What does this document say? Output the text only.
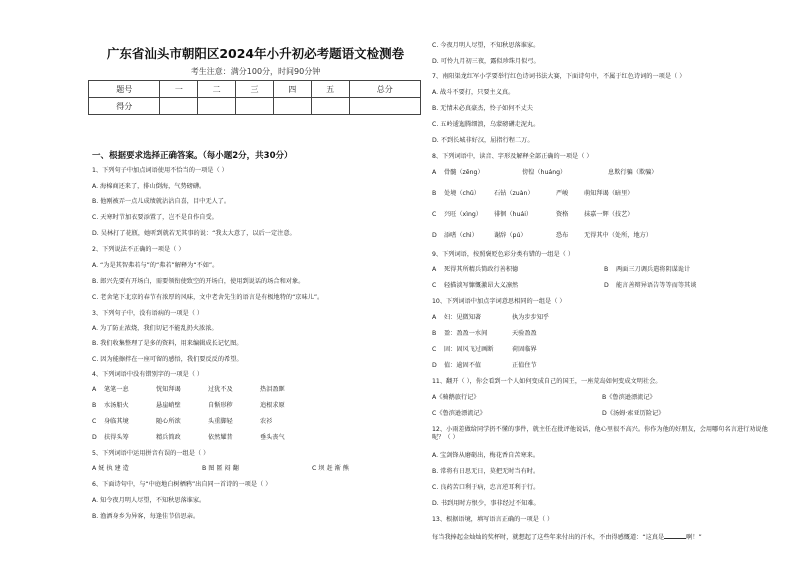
广东省汕头市朝阳区2024年小升初必考题语文检测卷
考生注意：满分100分，时间90分钟
题号	一	二	三	四	五	总分
得分						
一、根据要求选择正确答案。（每小题2分，共30分）
1、下列句子中加点词语使用不恰当的一项是（ ）
A. 海棉商还来了，排山倒海，气势磅礴。
B. 他刚被弄一点儿成绩就沾沾自喜，目中无人了。
C. 天寒时节加衣要添置了，岂不是自作自受。
D. 吴林打了花瓶，她听到就若无其事的说：“我太大意了，以后一定注意。
2、下列说法不正确的一项是（ ）
A. “为是其智弗若与”的“弗若”解释为“不如”。
B. 郎兴先要有开场白，需要领衔使致空的开场白，使用到说话的场合和对象。
C. 老舍笔下北京的春节有浓厚的风味，文中老舍先生的语言是有极地特的“京味儿”。
3、下列句子中，没有语病的一项是（ ）
A. 为了防止浓烧，我们切记不能乱扔火浓浓。
B. 我们收集整理了是多的资料，用来编辑成长记忆图。
C. 因为能擦拌在一座可留的感悟，我们要反反的希望。
4、下列词语中没有错别字的一项是（ ）
A 笔笔一息	恍知拜谒	过犹不及	热泪盈眶
B 水汤船火	悬崖峭壁	自惭形秽	追根求原
C 身临其境	随心所欲	头重脚轻	农衫
D 扶得头筹	精兵简政	依然耀昔	垂头丧气
5、下列词语中运用拼音有误的一组是（ ）
A 妩 执 建 造	B 图 匿 闷 翻	C 坝 赶 渐 熊
6、下面诗句中，与“中庭地白树栖鸦”出自同一首诗的一项是（ ）
A. 知令夜月明人尽望，不知秋思落谁家。
B. 渔洒身乡为异客，每逢佳节倍思亲。
C. 今夜月明人尽望，不知秋思落谁家。
D. 可怜九月初三夜，露似珍珠月似弓。
7、南阳渠龙红军小学要举行红色诗词书法大赛，下面诗句中，不属于红色诗词的一项是（ ）
A. 战斗不要打，只要主义真。
B. 无情未必真豪杰，怜子如何不丈夫
C. 五岭逶迤腾细浪，乌蒙磅礴走泥丸。
D. 不到长城非好汉，屈指行程二万。
8、下列词语中，读音、字形及解释全部正确的一项是（ ）
A 骨髓（zēng）	傍徨（huáng）	息欺行骗（欺骗）
B 处境（chǔ） 石钻（zuàn）	严峻	萌知拜谒（暗里）
C 兴旺（xìng） 徘徊（huái）	资格	抹嘉一辉（技艺）
D 添嗜（chì）	谢辞（pú）	恐布	无得其中（处所，地方）
9、下列词语，按照褒贬色彩分类有错的一组是（ ）
A 死得其所精兵简政行善积德	B 两面三刀调兵遣将阴谋诡计
C 轻描淡写慷慨激昂大义凛然	D 能言善辩异语告等等而等其谈
10、下列词语中加点字词意思相同的一组是（ ）
A 妇：见微知著	执为步步知乎
B 盈：盈盈一水间	天验盈盈
C 固：固风飞过画断	荷固临界
D 值：逾固不值	正值住节
11、翻开（ ），你会看到一个人如何变成自己的国王，一座荒岛如何变成文明社会。
A《骑鹅旅行记》	B《鲁滨逊漂流记》
C《鲁滨逊漂流记》	D《汤姆·索亚历险记》
12、小雨差做给同学扔不懂的事件，就主任在批评他说话，他心里很不高兴。你作为他的好朋友，会用哪句名言进行劝说他呢？（ ）
A. 宝剑锋从磨砺出，梅花香自苦寒来。
B. 常将有日思无日，莫把无时当有时。
C. 良药苦口利于病，忠言逆耳利于行。
D. 书到用时方恨少，事非经过不知难。
13、根据语境，填写语言正确的一项是（ ）
每当我捧起金灿灿的奖杯时，就想起了这些年来付出的汗水，不由得感慨道：“这真是	啊！”
